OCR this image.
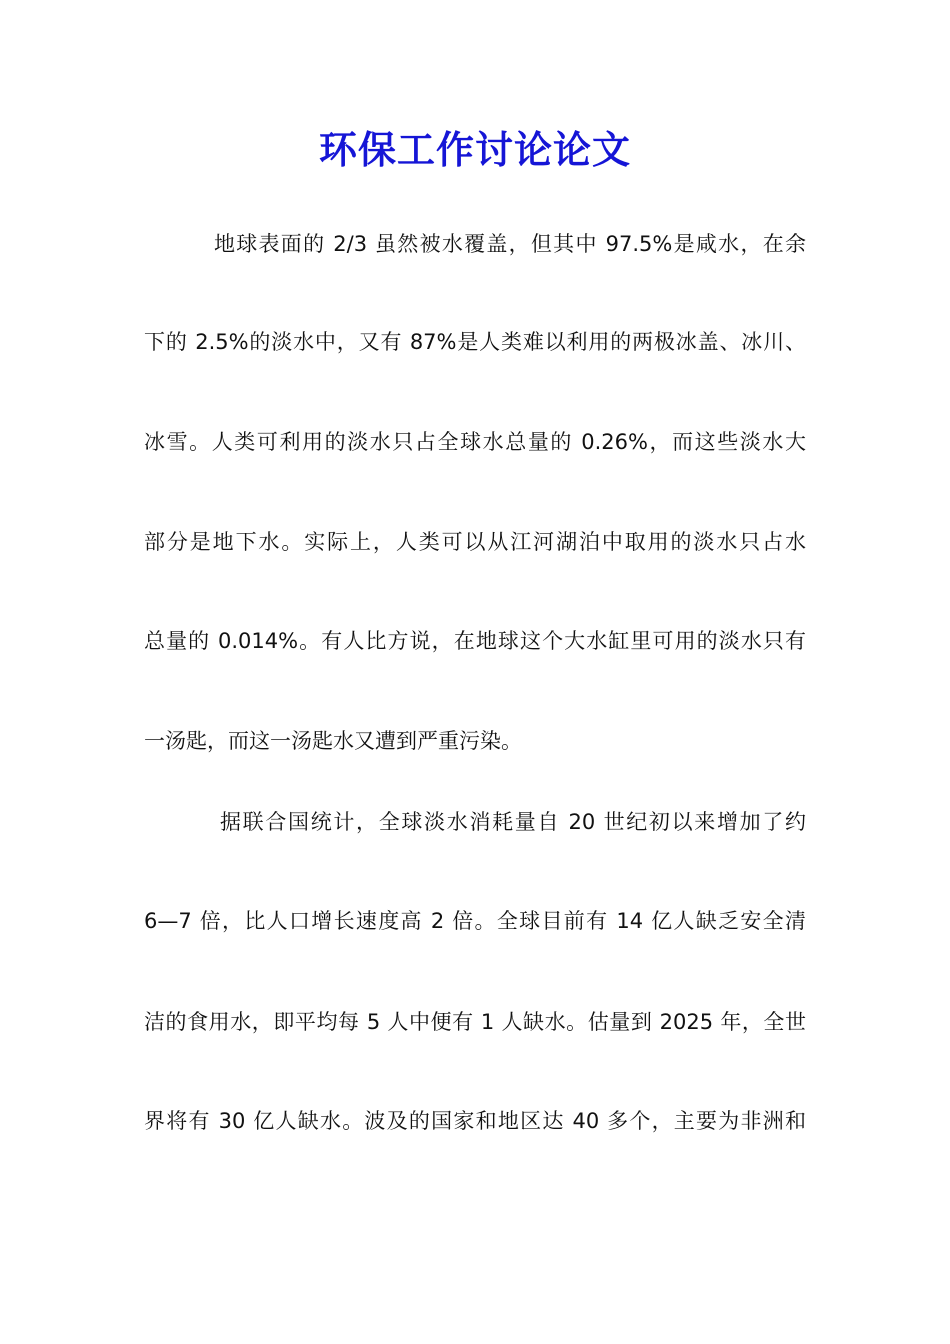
环保工作讨论论文
地球表面的 2/3 虽然被水覆盖，但其中 97.5%是咸水，在余
下的 2.5%的淡水中，又有 87%是人类难以利用的两极冰盖、冰川、
冰雪。人类可利用的淡水只占全球水总量的 0.26%，而这些淡水大
部分是地下水。实际上，人类可以从江河湖泊中取用的淡水只占水
总量的 0.014%。有人比方说，在地球这个大水缸里可用的淡水只有
一汤匙，而这一汤匙水又遭到严重污染。
据联合国统计，全球淡水消耗量自 20 世纪初以来增加了约
6—7 倍，比人口增长速度高 2 倍。全球目前有 14 亿人缺乏安全清
洁的食用水，即平均每 5 人中便有 1 人缺水。估量到 2025 年，全世
界将有 30 亿人缺水。波及的国家和地区达 40 多个，主要为非洲和
